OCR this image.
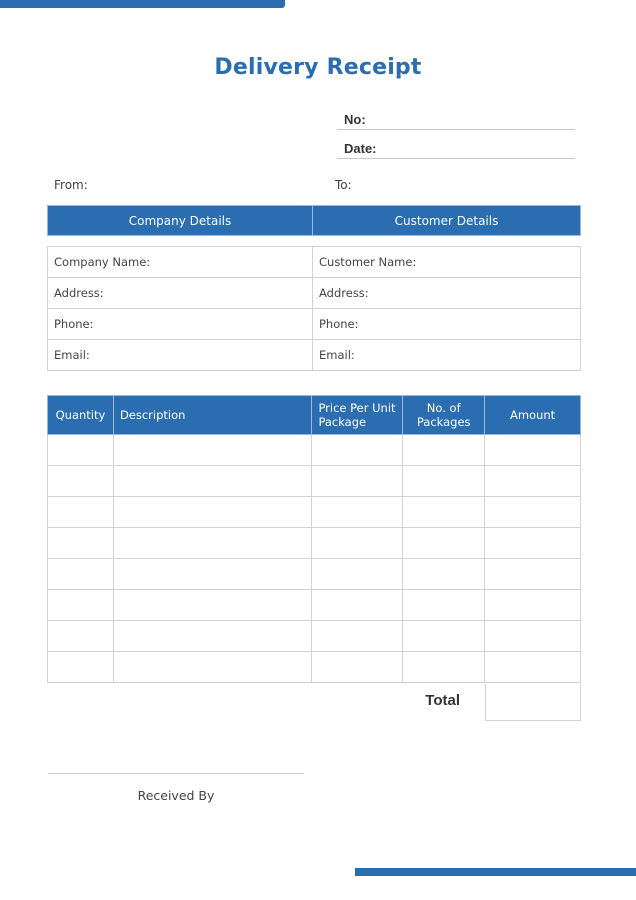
Delivery Receipt
No:
Date:
From:	To:
Company Details	Customer Details
Company Name:	Customer Name:
Address:	Address:
Phone:	Phone:
Email:	Email:
Quantity	Description	Price Per Unit Package	No. of Packages	Amount

Total
Received By
